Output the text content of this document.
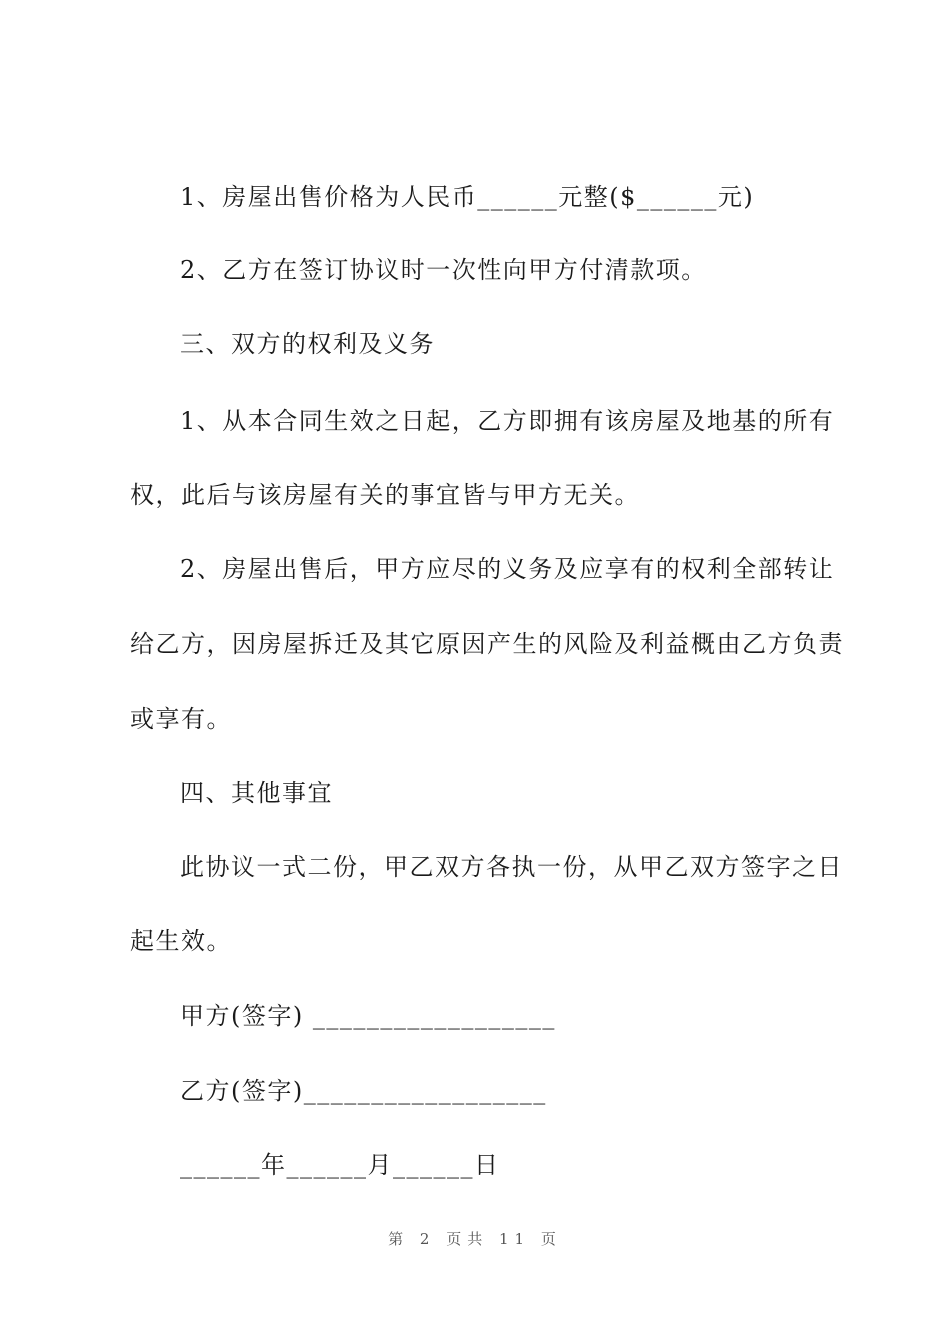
1、房屋出售价格为人民币______元整($______元)
2、乙方在签订协议时一次性向甲方付清款项。
三、双方的权利及义务
1、从本合同生效之日起，乙方即拥有该房屋及地基的所有
权，此后与该房屋有关的事宜皆与甲方无关。
2、房屋出售后，甲方应尽的义务及应享有的权利全部转让
给乙方，因房屋拆迁及其它原因产生的风险及利益概由乙方负责
或享有。
四、其他事宜
此协议一式二份，甲乙双方各执一份，从甲乙双方签字之日
起生效。
甲方(签字) __________________
乙方(签字)__________________
______年______月______日
第 2 页共 11 页
